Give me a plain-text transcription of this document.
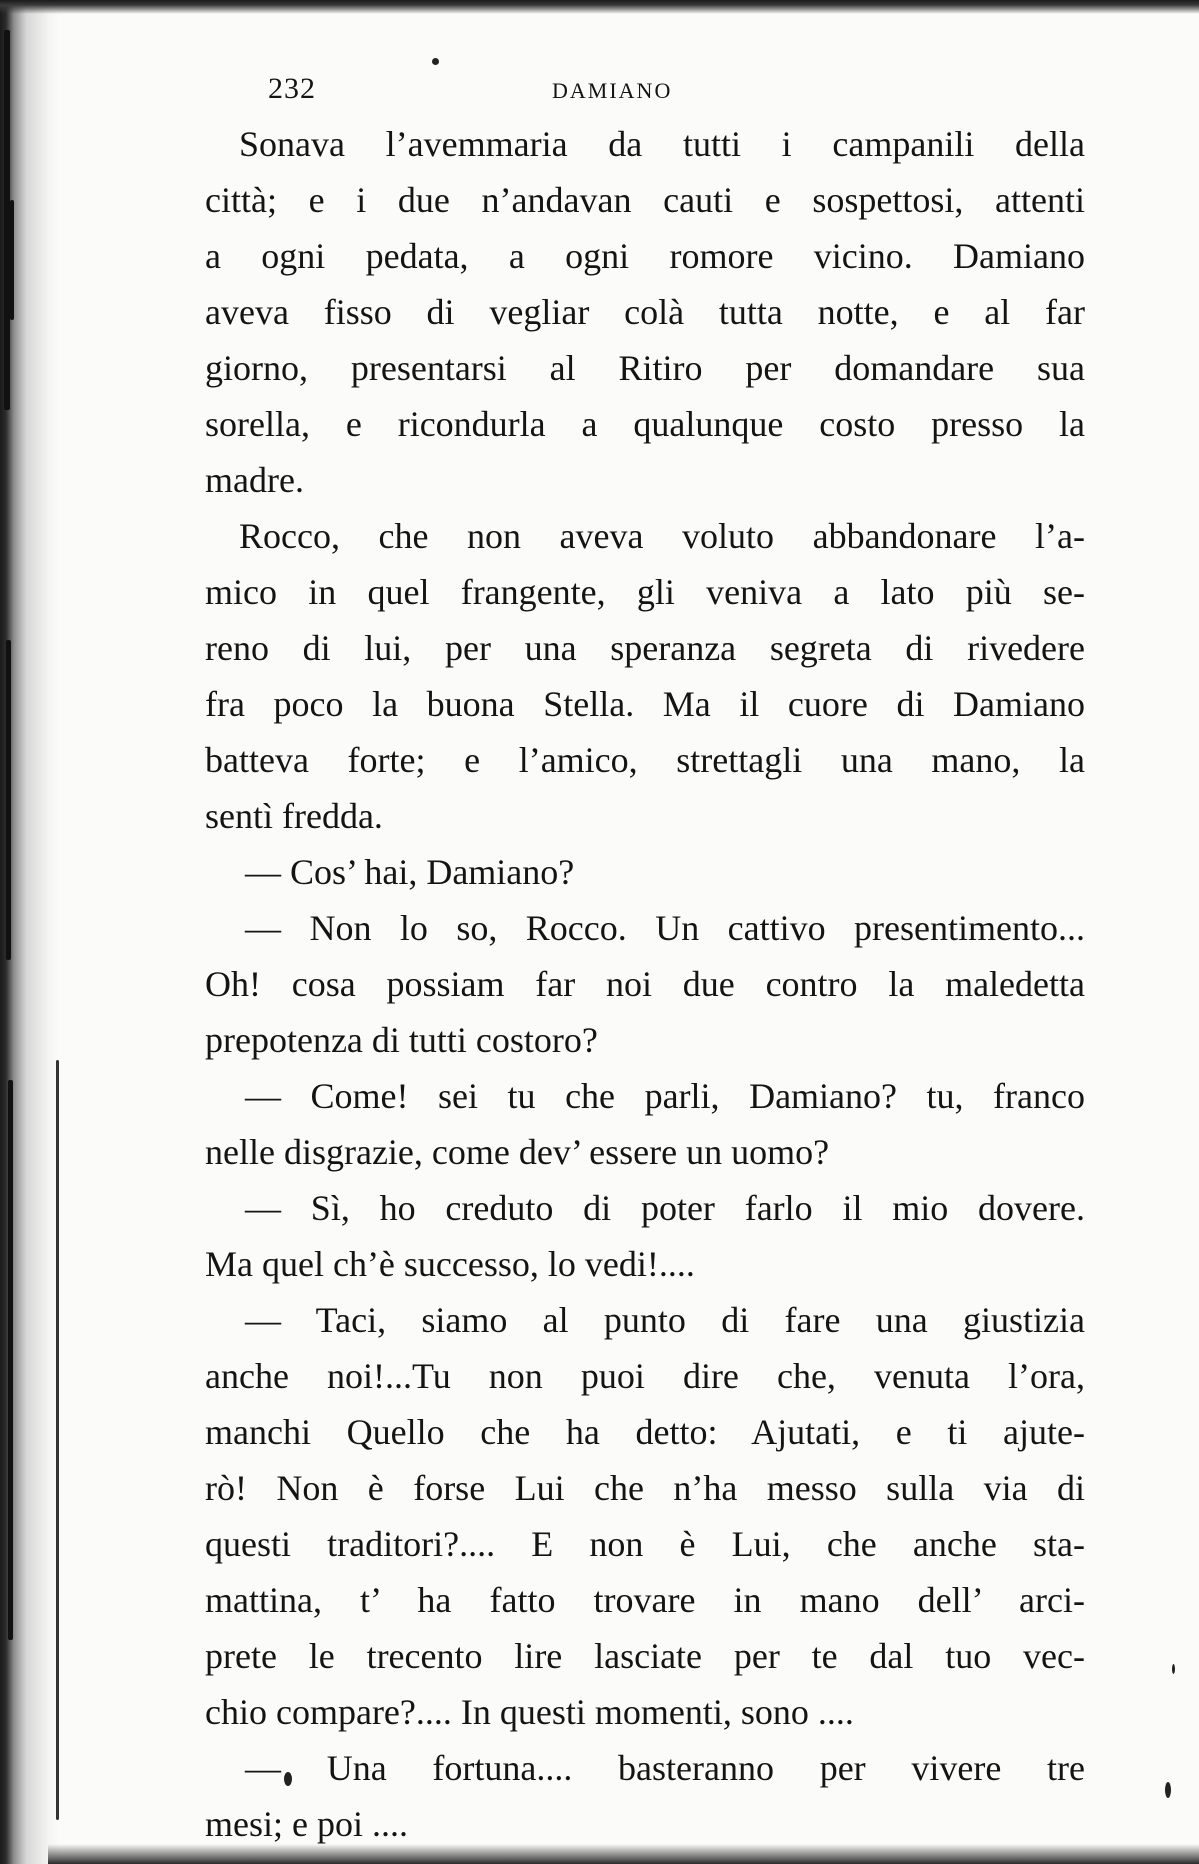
232	DAMIANO
Sonava l’avemmaria da tutti i campanili della
città; e i due n’andavan cauti e sospettosi, attenti
a ogni pedata, a ogni romore vicino. Damiano
aveva fisso di vegliar colà tutta notte, e al far
giorno, presentarsi al Ritiro per domandare sua
sorella, e ricondurla a qualunque costo presso la
madre.
Rocco, che non aveva voluto abbandonare l’a-
mico in quel frangente, gli veniva a lato più se-
reno di lui, per una speranza segreta di rivedere
fra poco la buona Stella. Ma il cuore di Damiano
batteva forte; e l’amico, strettagli una mano, la
sentì fredda.
— Cos’ hai, Damiano?
— Non lo so, Rocco. Un cattivo presentimento...
Oh! cosa possiam far noi due contro la maledetta
prepotenza di tutti costoro?
— Come! sei tu che parli, Damiano? tu, franco
nelle disgrazie, come dev’ essere un uomo?
— Sì, ho creduto di poter farlo il mio dovere.
Ma quel ch’è successo, lo vedi!....
— Taci, siamo al punto di fare una giustizia
anche noi!...Tu non puoi dire che, venuta l’ora,
manchi Quello che ha detto: Ajutati, e ti ajute-
rò! Non è forse Lui che n’ha messo sulla via di
questi traditori?.... E non è Lui, che anche sta-
mattina, t’ ha fatto trovare in mano dell’ arci-
prete le trecento lire lasciate per te dal tuo vec-
chio compare?.... In questi momenti, sono ....
— Una fortuna.... basteranno per vivere tre
mesi; e poi ....
